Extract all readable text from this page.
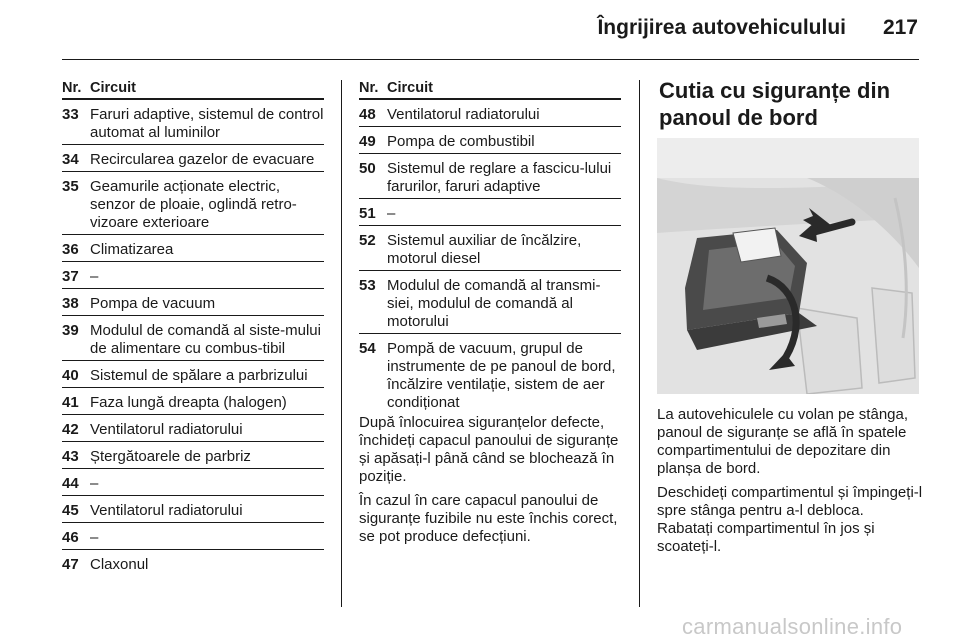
Îngrijirea autovehiculului 217
Nr. Circuit
33 Faruri adaptive, sistemul de control automat al luminilor
34 Recircularea gazelor de evacuare
35 Geamurile acționate electric, senzor de ploaie, oglindă retro-vizoare exterioare
36 Climatizarea
37 –
38 Pompa de vacuum
39 Modulul de comandă al siste-mului de alimentare cu combus-tibil
40 Sistemul de spălare a parbrizului
41 Faza lungă dreapta (halogen)
42 Ventilatorul radiatorului
43 Ștergătoarele de parbriz
44 –
45 Ventilatorul radiatorului
46 –
47 Claxonul
Nr. Circuit
48 Ventilatorul radiatorului
49 Pompa de combustibil
50 Sistemul de reglare a fascicu-lului farurilor, faruri adaptive
51 –
52 Sistemul auxiliar de încălzire, motorul diesel
53 Modulul de comandă al transmi-siei, modulul de comandă al motorului
54 Pompă de vacuum, grupul de instrumente de pe panoul de bord, încălzire ventilație, sistem de aer condiționat

După înlocuirea siguranțelor defecte, închideți capacul panoului de siguranțe și apăsați-l până când se blochează în poziție.

În cazul în care capacul panoului de siguranțe fuzibile nu este închis corect, se pot produce defecțiuni.

Cutia cu siguranțe din panoul de bord

La autovehiculele cu volan pe stânga, panoul de siguranțe se află în spatele compartimentului de depozitare din planșa de bord.

Deschideți compartimentul și împingeți-l spre stânga pentru a-l debloca. Rabatați compartimentul în jos și scoateți-l.

carmanualsonline.info
